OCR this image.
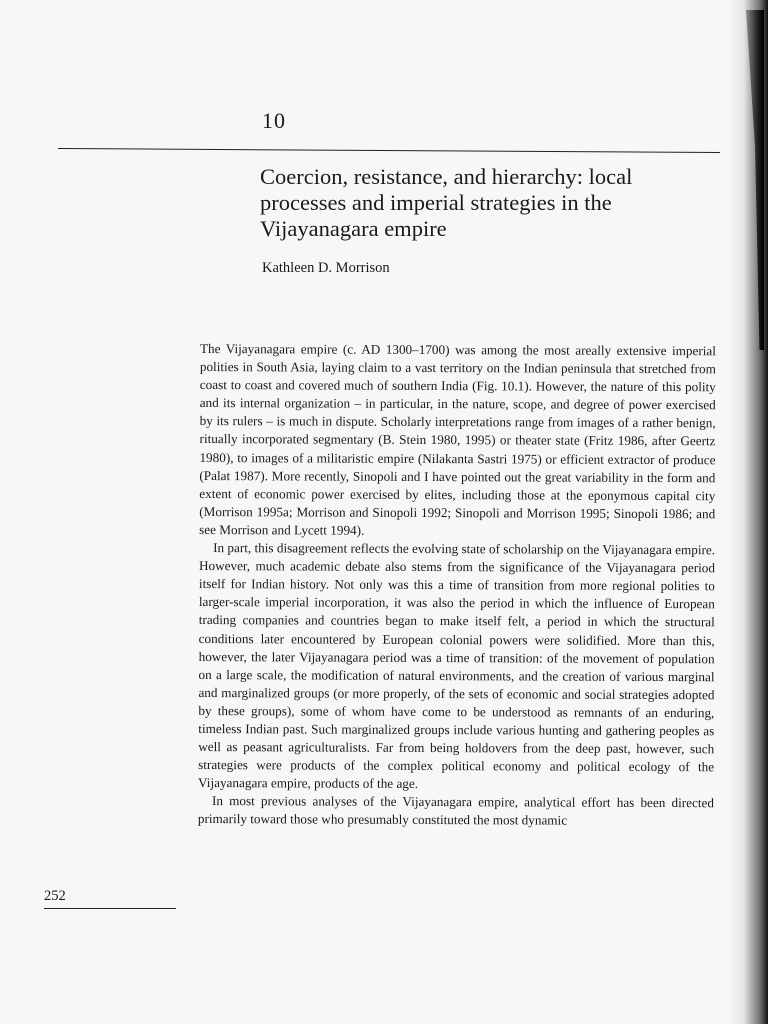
10
Coercion, resistance, and hierarchy: local processes and imperial strategies in the Vijayanagara empire
Kathleen D. Morrison

The Vijayanagara empire (c. AD 1300–1700) was among the most areally extensive imperial polities in South Asia, laying claim to a vast territory on the Indian peninsula that stretched from coast to coast and covered much of southern India (Fig. 10.1). However, the nature of this polity and its internal organization – in particular, in the nature, scope, and degree of power exercised by its rulers – is much in dispute. Scholarly interpretations range from images of a rather benign, ritually incorporated segmentary (B. Stein 1980, 1995) or theater state (Fritz 1986, after Geertz 1980), to images of a militaristic empire (Nilakanta Sastri 1975) or efficient extractor of produce (Palat 1987). More recently, Sinopoli and I have pointed out the great variability in the form and extent of economic power exercised by elites, including those at the eponymous capital city (Morrison 1995a; Morrison and Sinopoli 1992; Sinopoli and Morrison 1995; Sinopoli 1986; and see Morrison and Lycett 1994).

In part, this disagreement reflects the evolving state of scholarship on the Vijayanagara empire. However, much academic debate also stems from the significance of the Vijayanagara period itself for Indian history. Not only was this a time of transition from more regional polities to larger-scale imperial incorporation, it was also the period in which the influence of European trading companies and countries began to make itself felt, a period in which the structural conditions later encountered by European colonial powers were solidified. More than this, however, the later Vijayanagara period was a time of transition: of the movement of population on a large scale, the modification of natural environments, and the creation of various marginal and marginalized groups (or more properly, of the sets of economic and social strategies adopted by these groups), some of whom have come to be understood as remnants of an enduring, timeless Indian past. Such marginalized groups include various hunting and gathering peoples as well as peasant agriculturalists. Far from being holdovers from the deep past, however, such strategies were products of the complex political economy and political ecology of the Vijayanagara empire, products of the age.

In most previous analyses of the Vijayanagara empire, analytical effort has been directed primarily toward those who presumably constituted the most dynamic

252
